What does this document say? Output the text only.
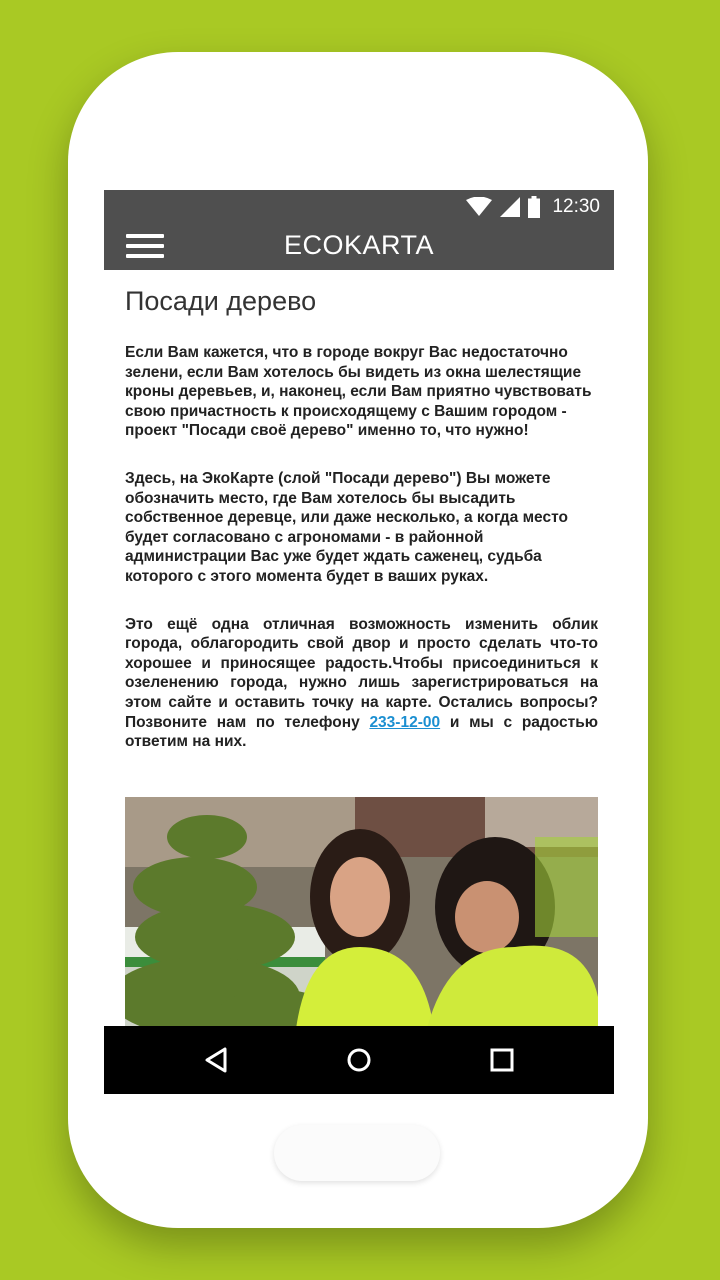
12:30
ECOKARTA
Посади дерево

Если Вам кажется, что в городе вокруг Вас недостаточно зелени, если Вам хотелось бы видеть из окна шелестящие кроны деревьев, и, наконец, если Вам приятно чувствовать свою причастность к происходящему с Вашим городом - проект "Посади своё дерево" именно то, что нужно!

Здесь, на ЭкоКарте (слой "Посади дерево") Вы можете обозначить место, где Вам хотелось бы высадить собственное деревце, или даже несколько, а когда место будет согласовано с агрономами - в районной администрации Вас уже будет ждать саженец, судьба которого с этого момента будет в ваших руках.

Это ещё одна отличная возможность изменить облик города, облагородить свой двор и просто сделать что-то хорошее и приносящее радость.Чтобы присоединиться к озеленению города, нужно лишь зарегистрироваться на этом сайте и оставить точку на карте. Остались вопросы? Позвоните нам по телефону 233-12-00 и мы с радостью ответим на них.
